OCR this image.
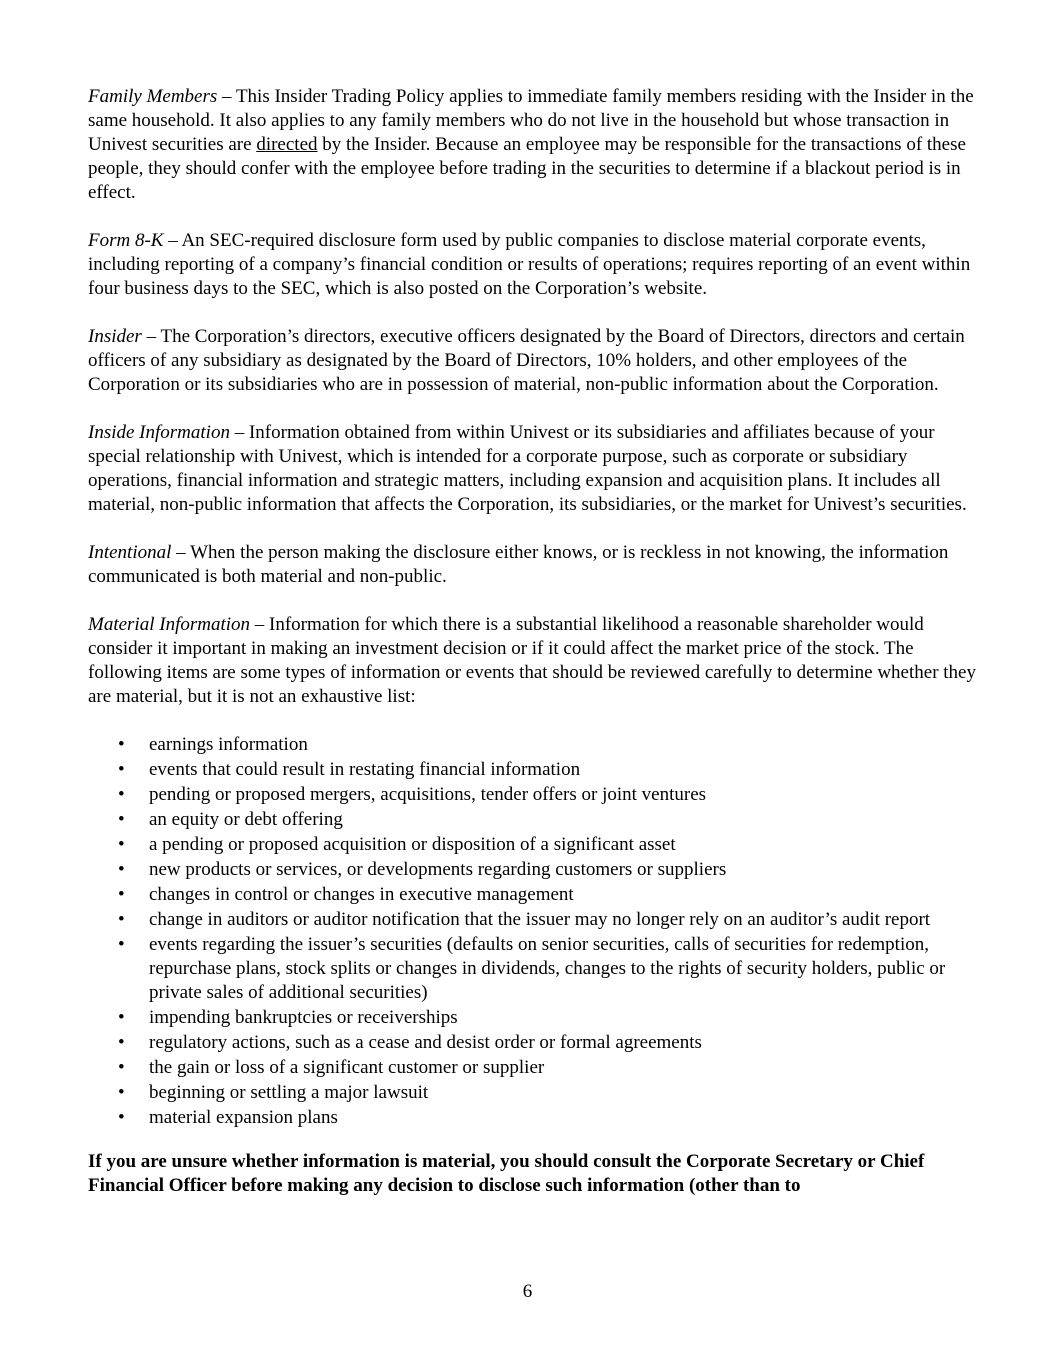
Family Members – This Insider Trading Policy applies to immediate family members residing with the Insider in the same household. It also applies to any family members who do not live in the household but whose transaction in Univest securities are directed by the Insider. Because an employee may be responsible for the transactions of these people, they should confer with the employee before trading in the securities to determine if a blackout period is in effect.

Form 8-K – An SEC-required disclosure form used by public companies to disclose material corporate events, including reporting of a company’s financial condition or results of operations; requires reporting of an event within four business days to the SEC, which is also posted on the Corporation’s website.

Insider – The Corporation’s directors, executive officers designated by the Board of Directors, directors and certain officers of any subsidiary as designated by the Board of Directors, 10% holders, and other employees of the Corporation or its subsidiaries who are in possession of material, non-public information about the Corporation.

Inside Information – Information obtained from within Univest or its subsidiaries and affiliates because of your special relationship with Univest, which is intended for a corporate purpose, such as corporate or subsidiary operations, financial information and strategic matters, including expansion and acquisition plans. It includes all material, non-public information that affects the Corporation, its subsidiaries, or the market for Univest’s securities.

Intentional – When the person making the disclosure either knows, or is reckless in not knowing, the information communicated is both material and non-public.

Material Information – Information for which there is a substantial likelihood a reasonable shareholder would consider it important in making an investment decision or if it could affect the market price of the stock. The following items are some types of information or events that should be reviewed carefully to determine whether they are material, but it is not an exhaustive list:

• earnings information
• events that could result in restating financial information
• pending or proposed mergers, acquisitions, tender offers or joint ventures
• an equity or debt offering
• a pending or proposed acquisition or disposition of a significant asset
• new products or services, or developments regarding customers or suppliers
• changes in control or changes in executive management
• change in auditors or auditor notification that the issuer may no longer rely on an auditor’s audit report
• events regarding the issuer’s securities (defaults on senior securities, calls of securities for redemption, repurchase plans, stock splits or changes in dividends, changes to the rights of security holders, public or private sales of additional securities)
• impending bankruptcies or receiverships
• regulatory actions, such as a cease and desist order or formal agreements
• the gain or loss of a significant customer or supplier
• beginning or settling a major lawsuit
• material expansion plans

If you are unsure whether information is material, you should consult the Corporate Secretary or Chief Financial Officer before making any decision to disclose such information (other than to

6
